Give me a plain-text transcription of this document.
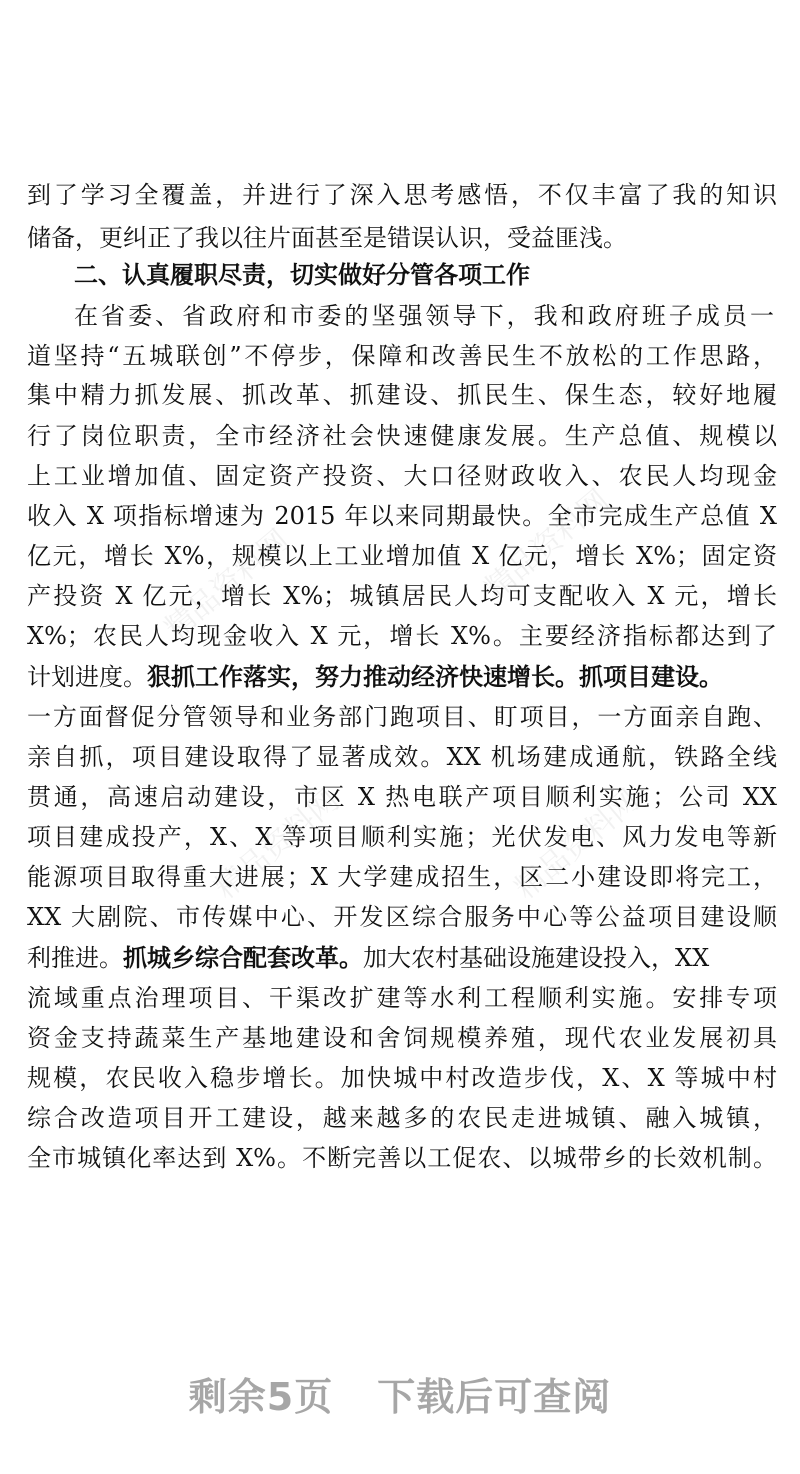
精品资料网	精品资料网
精品资料网	精品资料网
到了学习全覆盖，并进行了深入思考感悟，不仅丰富了我的知识
储备，更纠正了我以往片面甚至是错误认识，受益匪浅。
二、认真履职尽责，切实做好分管各项工作
在省委、省政府和市委的坚强领导下，我和政府班子成员一
道坚持“五城联创”不停步，保障和改善民生不放松的工作思路，
集中精力抓发展、抓改革、抓建设、抓民生、保生态，较好地履
行了岗位职责，全市经济社会快速健康发展。生产总值、规模以
上工业增加值、固定资产投资、大口径财政收入、农民人均现金
收入 X 项指标增速为 2015 年以来同期最快。全市完成生产总值 X
亿元，增长 X%，规模以上工业增加值 X 亿元，增长 X%；固定资
产投资 X 亿元，增长 X%；城镇居民人均可支配收入 X 元，增长
X%；农民人均现金收入 X 元，增长 X%。主要经济指标都达到了
计划进度。狠抓工作落实，努力推动经济快速增长。抓项目建设。
一方面督促分管领导和业务部门跑项目、盯项目，一方面亲自跑、
亲自抓，项目建设取得了显著成效。XX 机场建成通航，铁路全线
贯通，高速启动建设，市区 X 热电联产项目顺利实施；公司 XX
项目建成投产，X、X 等项目顺利实施；光伏发电、风力发电等新
能源项目取得重大进展；X 大学建成招生，区二小建设即将完工，
XX 大剧院、市传媒中心、开发区综合服务中心等公益项目建设顺
利推进。抓城乡综合配套改革。加大农村基础设施建设投入，XX
流域重点治理项目、干渠改扩建等水利工程顺利实施。安排专项
资金支持蔬菜生产基地建设和舍饲规模养殖，现代农业发展初具
规模，农民收入稳步增长。加快城中村改造步伐，X、X 等城中村
综合改造项目开工建设，越来越多的农民走进城镇、融入城镇，
全市城镇化率达到 X%。不断完善以工促农、以城带乡的长效机制。
剩余5页 下载后可查阅
